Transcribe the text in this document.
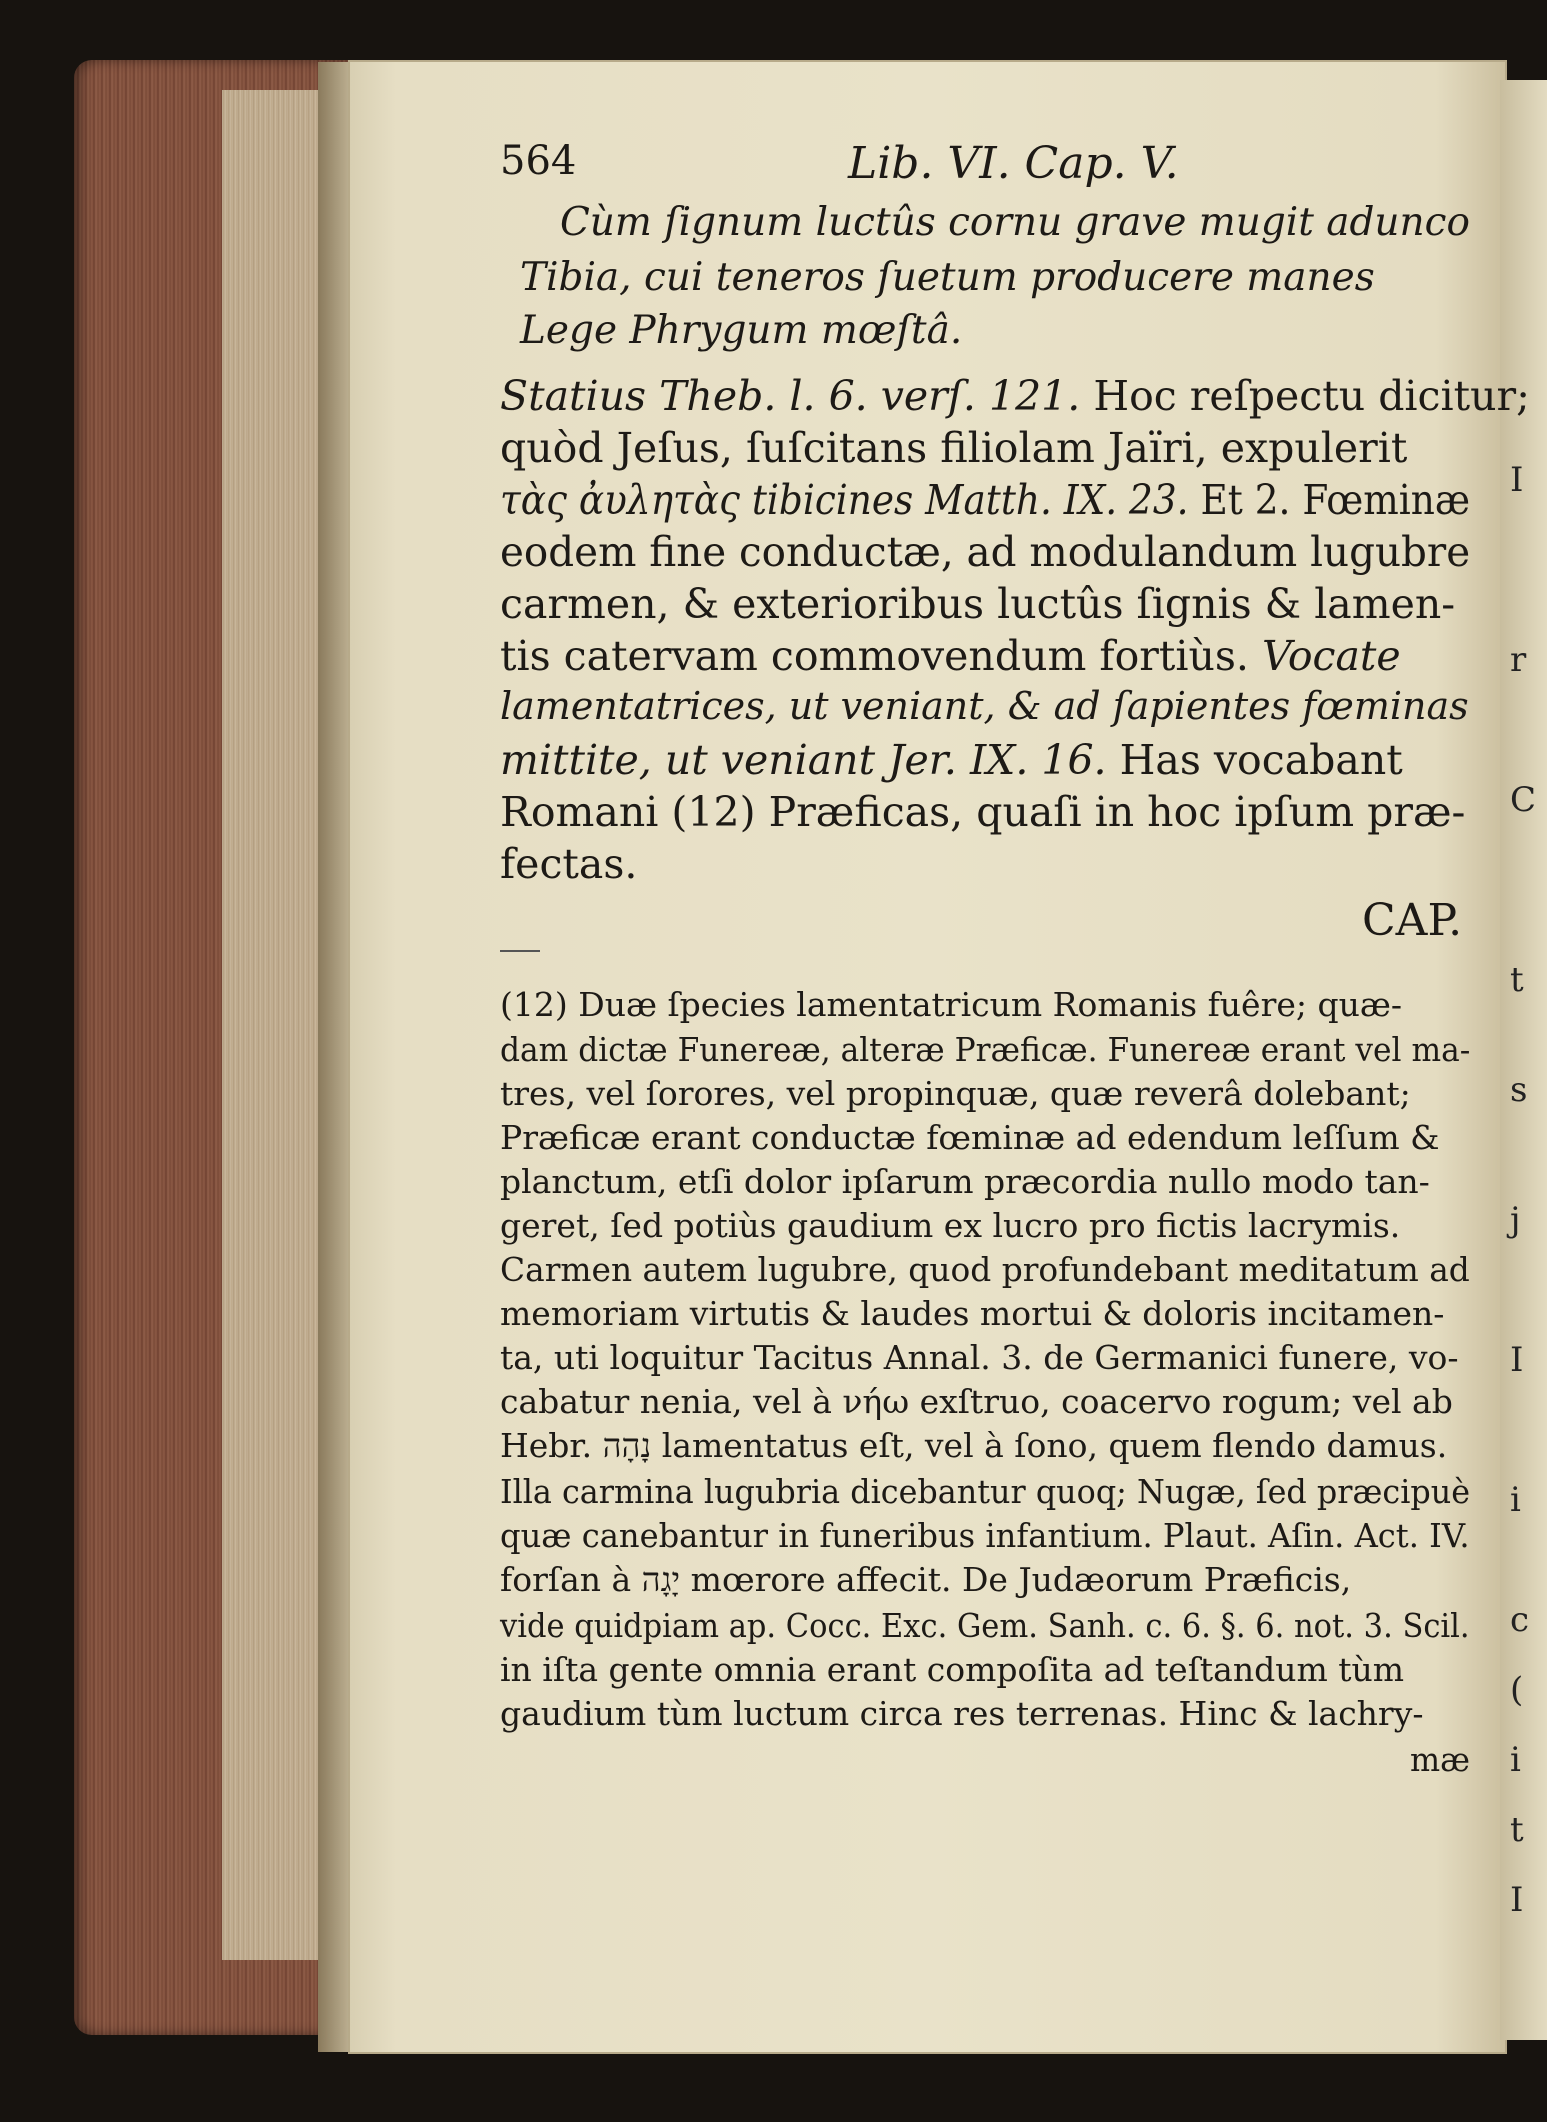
I
r
C
t
s
j
I
i
c
(
i
t
I
564	Lib. VI. Cap. V.
Cùm ſignum luctûs cornu grave mugit adunco
Tibia, cui teneros ſuetum producere manes
Lege Phrygum mœſtâ.
Statius Theb. l. 6. verſ. 121. Hoc reſpectu dicitur;
quòd Jeſus, ſuſcitans filiolam Jaïri, expulerit
τὰς ἀυλητὰς tibicines Matth. IX. 23. Et 2. Fœminæ
eodem fine conductæ, ad modulandum lugubre
carmen, & exterioribus luctûs ſignis & lamen-
tis catervam commovendum fortiùs. Vocate
lamentatrices, ut veniant, & ad ſapientes fœminas
mittite, ut veniant Jer. IX. 16. Has vocabant
Romani (12) Præficas, quaſi in hoc ipſum præ-
fectas.
CAP.
(12) Duæ ſpecies lamentatricum Romanis fuêre; quæ-
dam dictæ Funereæ, alteræ Præficæ. Funereæ erant vel ma-
tres, vel ſorores, vel propinquæ, quæ reverâ dolebant;
Præficæ erant conductæ fœminæ ad edendum leſſum &
planctum, etſi dolor ipſarum præcordia nullo modo tan-
geret, ſed potiùs gaudium ex lucro pro fictis lacrymis.
Carmen autem lugubre, quod profundebant meditatum ad
memoriam virtutis & laudes mortui & doloris incitamen-
ta, uti loquitur Tacitus Annal. 3. de Germanici funere, vo-
cabatur nenia, vel à νήω exſtruo, coacervo rogum; vel ab
Hebr. נָהָה lamentatus eſt, vel à ſono, quem flendo damus.
Illa carmina lugubria dicebantur quoq; Nugæ, ſed præcipuè
quæ canebantur in funeribus infantium. Plaut. Aſin. Act. IV.
forſan à יָגָה mœrore affecit. De Judæorum Præficis,
vide quidpiam ap. Cocc. Exc. Gem. Sanh. c. 6. §. 6. not. 3. Scil.
in iſta gente omnia erant compoſita ad teſtandum tùm
gaudium tùm luctum circa res terrenas. Hinc & lachry-
mæ
